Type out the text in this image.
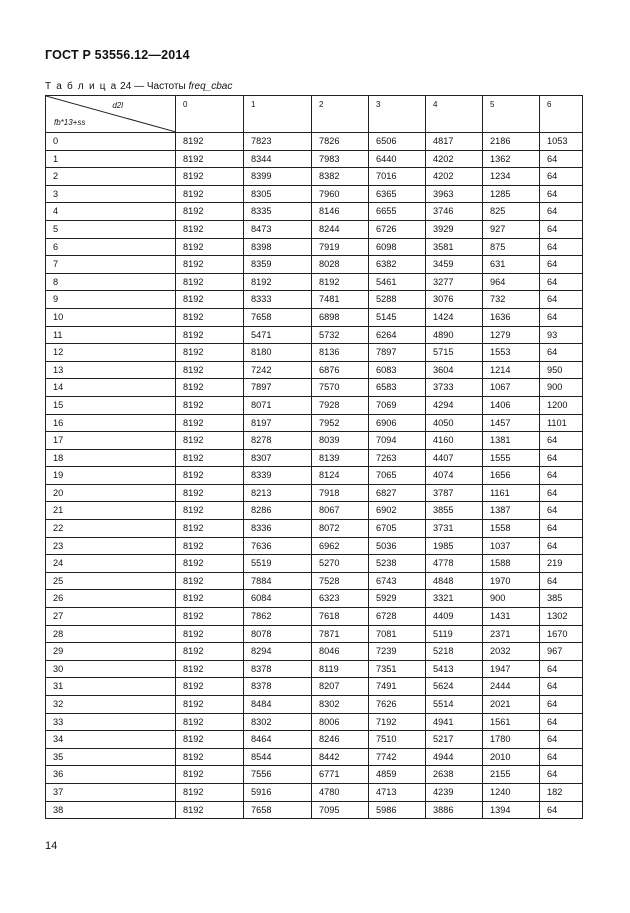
ГОСТ Р 53556.12—2014
Т а б л и ц а 24 — Частоты freq_cbac
d2l
fb*13+ss	0	1	2	3	4	5	6
0	8192	7823	7826	6506	4817	2186	1053
1	8192	8344	7983	6440	4202	1362	64
2	8192	8399	8382	7016	4202	1234	64
3	8192	8305	7960	6365	3963	1285	64
4	8192	8335	8146	6655	3746	825	64
5	8192	8473	8244	6726	3929	927	64
6	8192	8398	7919	6098	3581	875	64
7	8192	8359	8028	6382	3459	631	64
8	8192	8192	8192	5461	3277	964	64
9	8192	8333	7481	5288	3076	732	64
10	8192	7658	6898	5145	1424	1636	64
11	8192	5471	5732	6264	4890	1279	93
12	8192	8180	8136	7897	5715	1553	64
13	8192	7242	6876	6083	3604	1214	950
14	8192	7897	7570	6583	3733	1067	900
15	8192	8071	7928	7069	4294	1406	1200
16	8192	8197	7952	6906	4050	1457	1101
17	8192	8278	8039	7094	4160	1381	64
18	8192	8307	8139	7263	4407	1555	64
19	8192	8339	8124	7065	4074	1656	64
20	8192	8213	7918	6827	3787	1161	64
21	8192	8286	8067	6902	3855	1387	64
22	8192	8336	8072	6705	3731	1558	64
23	8192	7636	6962	5036	1985	1037	64
24	8192	5519	5270	5238	4778	1588	219
25	8192	7884	7528	6743	4848	1970	64
26	8192	6084	6323	5929	3321	900	385
27	8192	7862	7618	6728	4409	1431	1302
28	8192	8078	7871	7081	5119	2371	1670
29	8192	8294	8046	7239	5218	2032	967
30	8192	8378	8119	7351	5413	1947	64
31	8192	8378	8207	7491	5624	2444	64
32	8192	8484	8302	7626	5514	2021	64
33	8192	8302	8006	7192	4941	1561	64
34	8192	8464	8246	7510	5217	1780	64
35	8192	8544	8442	7742	4944	2010	64
36	8192	7556	6771	4859	2638	2155	64
37	8192	5916	4780	4713	4239	1240	182
38	8192	7658	7095	5986	3886	1394	64
14
